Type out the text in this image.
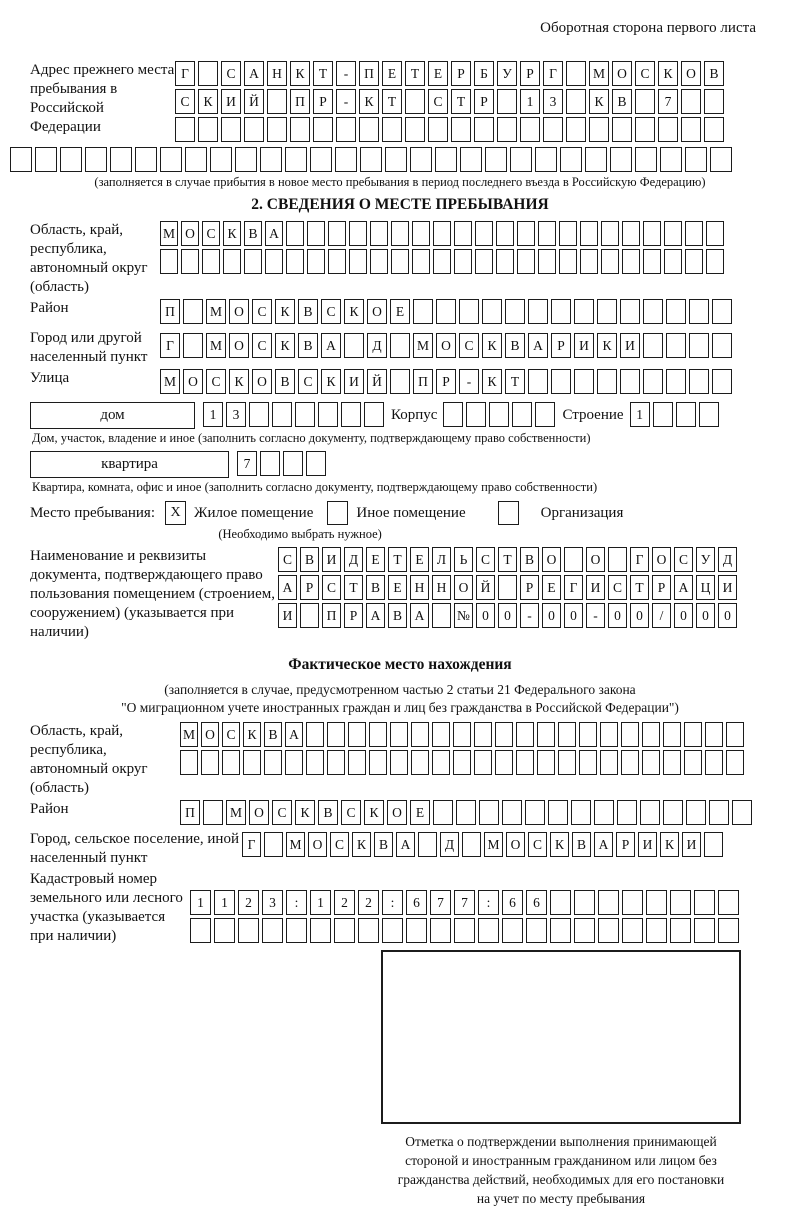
Оборотная сторона первого листа
Адрес прежнего места пребывания в Российской Федерации
Г	С А Н К Т - П Е Т Е Р Б У Р Г	М О С К О В
С К И Й	П Р - К Т	С Т Р	1 3	К В	7
(заполняется в случае прибытия в новое место пребывания в период последнего въезда в Российскую Федерацию)
2. СВЕДЕНИЯ О МЕСТЕ ПРЕБЫВАНИЯ
Область, край, республика, автономный округ (область)
М О С К В А
Район	П	М О С К В С К О Е
Город или другой населенный пункт
Г	М О С К В А	Д	М О С К В А Р И К И
Улица	М О С К О В С К И Й	П Р - К Т
дом	1 3	Корпус	Строение 1
Дом, участок, владение и иное (заполнить согласно документу, подтверждающему право собственности)
квартира	7
Квартира, комната, офис и иное (заполнить согласно документу, подтверждающему право собственности)
Место пребывания:	X Жилое помещение	Иное помещение	Организация
(Необходимо выбрать нужное)
Наименование и реквизиты документа, подтверждающего право пользования помещением (строением, сооружением) (указывается при наличии)
С В И Д Е Т Е Л Ь С Т В О	О	Г О С У Д
А Р С Т В Е Н Н О Й	Р Е Г И С Т Р А Ц И
И	П Р А В А № 0 0 - 0 0 - 0 0 / 0 0 0
Фактическое место нахождения
(заполняется в случае, предусмотренном частью 2 статьи 21 Федерального закона
"О миграционном учете иностранных граждан и лиц без гражданства в Российской Федерации")
Область, край, республика, автономный округ (область)
М О С К В А
Район	П	М О С К В С К О Е
Город, сельское поселение, иной населенный пункт
Г	М О С К В А	Д М О С К В А Р И К И
Кадастровый номер земельного или лесного участка (указывается при наличии)
1 1 2 3 : 1 2 2 : 6 7 7 : 6 6
Отметка о подтверждении выполнения принимающей
стороной и иностранным гражданином или лицом без
гражданства действий, необходимых для его постановки
на учет по месту пребывания
